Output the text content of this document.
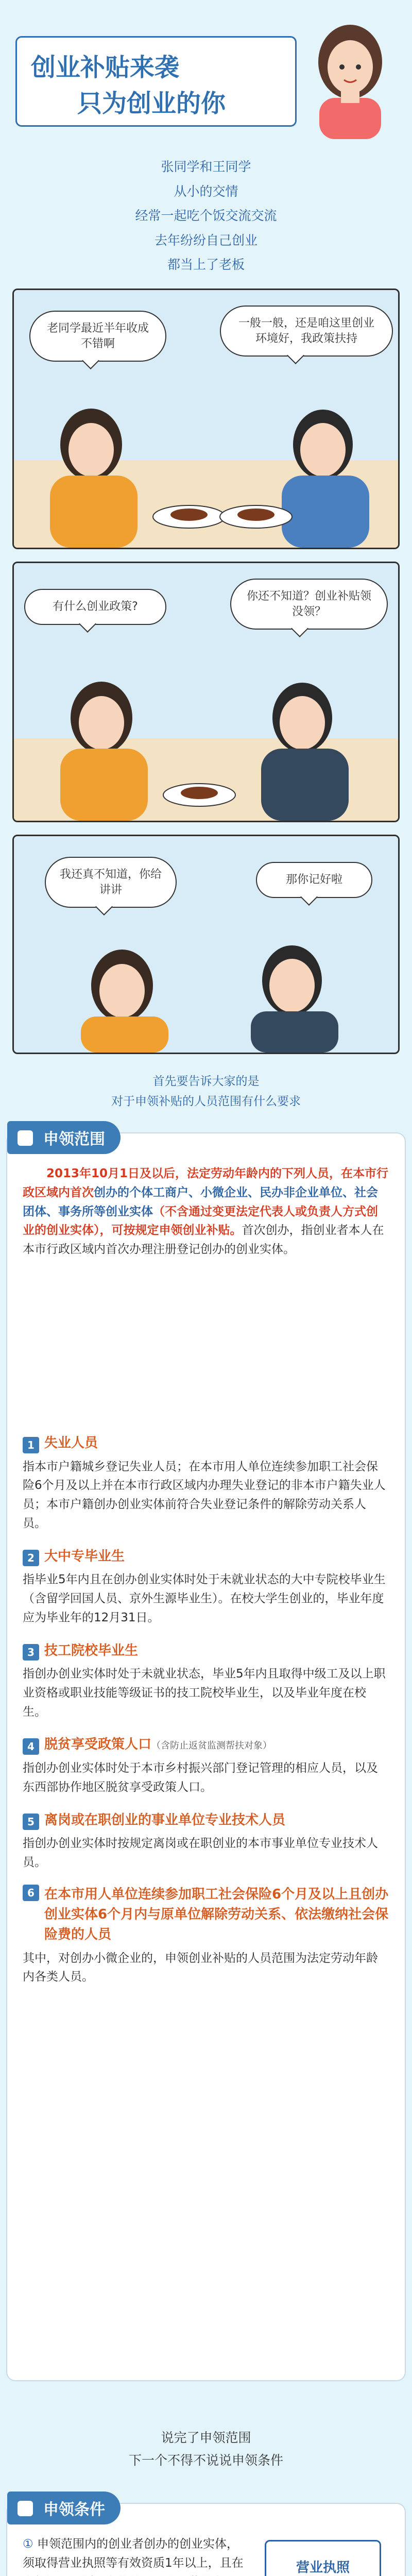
创业补贴来袭
只为创业的你
张同学和王同学
从小的交情
经常一起吃个饭交流交流
去年纷纷自己创业
都当上了老板
老同学最近半年收成不错啊
一般一般，还是咱这里创业环境好，我政策扶持
有什么创业政策?
你还不知道？创业补贴领没领？
我还真不知道，你给讲讲
那你记好啦
首先要告诉大家的是
对于申领补贴的人员范围有什么要求
申领范围
2013年10月1日及以后，法定劳动年龄内的下列人员，在本市行政区域内首次创办的个体工商户、小微企业、民办非企业单位、社会团体、事务所等创业实体（不含通过变更法定代表人或负责人方式创业的创业实体），可按规定申领创业补贴。首次创办，指创业者本人在本市行政区域内首次办理注册登记创办的创业实体。
1 失业人员
指本市户籍城乡登记失业人员；在本市用人单位连续参加职工社会保险6个月及以上并在本市行政区域内办理失业登记的非本市户籍失业人员；本市户籍创办创业实体前符合失业登记条件的解除劳动关系人员。
2 大中专毕业生
指毕业5年内且在创办创业实体时处于未就业状态的大中专院校毕业生（含留学回国人员、京外生源毕业生）。在校大学生创业的，毕业年度应为毕业年的12月31日。
3 技工院校毕业生
指创办创业实体时处于未就业状态，毕业5年内且取得中级工及以上职业资格或职业技能等级证书的技工院校毕业生，以及毕业年度在校生。
4 脱贫享受政策人口（含防止返贫监测帮扶对象）
指创办创业实体时处于本市乡村振兴部门登记管理的相应人员，以及东西部协作地区脱贫享受政策人口。
5 离岗或在职创业的事业单位专业技术人员
指创办创业实体时按规定离岗或在职创业的本市事业单位专业技术人员。
6 在本市用人单位连续参加职工社会保险6个月及以上且创办创业实体6个月内与原单位解除劳动关系、依法缴纳社会保险费的人员
其中，对创办小微企业的，申领创业补贴的人员范围为法定劳动年龄内各类人员。
说完了申领范围
下一个不得不说说申领条件
申领条件
① 申领范围内的创业者创办的创业实体，须取得营业执照等有效资质1年以上，且在	营业执照
